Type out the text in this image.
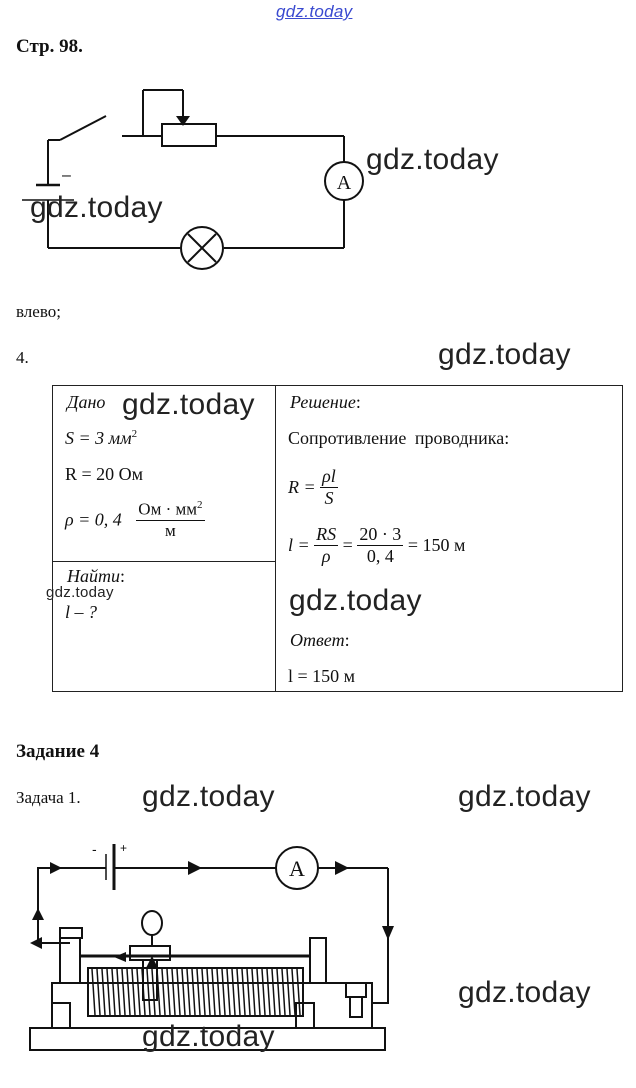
gdz.today
Стр. 98.
A
–	gdz.today
gdz.today
влево;
4.	gdz.today
Дано
S = 3 $мм^2$
R = 20 Ом
ρ = 0, $4 \frac{Ом \cdot мм^2}{м}$

Решение:
Сопротивление проводника:
$R = \frac{\rho l}{S}$
$l = \frac{RS}{\rho} = \frac{20 \cdot 3}{0, 4} = 150$ м
Ответ:
l = 150 м

Найти:
l – ?
gdz.today
gdz.today	gdz.today
Задание 4
Задача 1. gdz.today	gdz.today
A
- +
gdz.today
gdz.today
